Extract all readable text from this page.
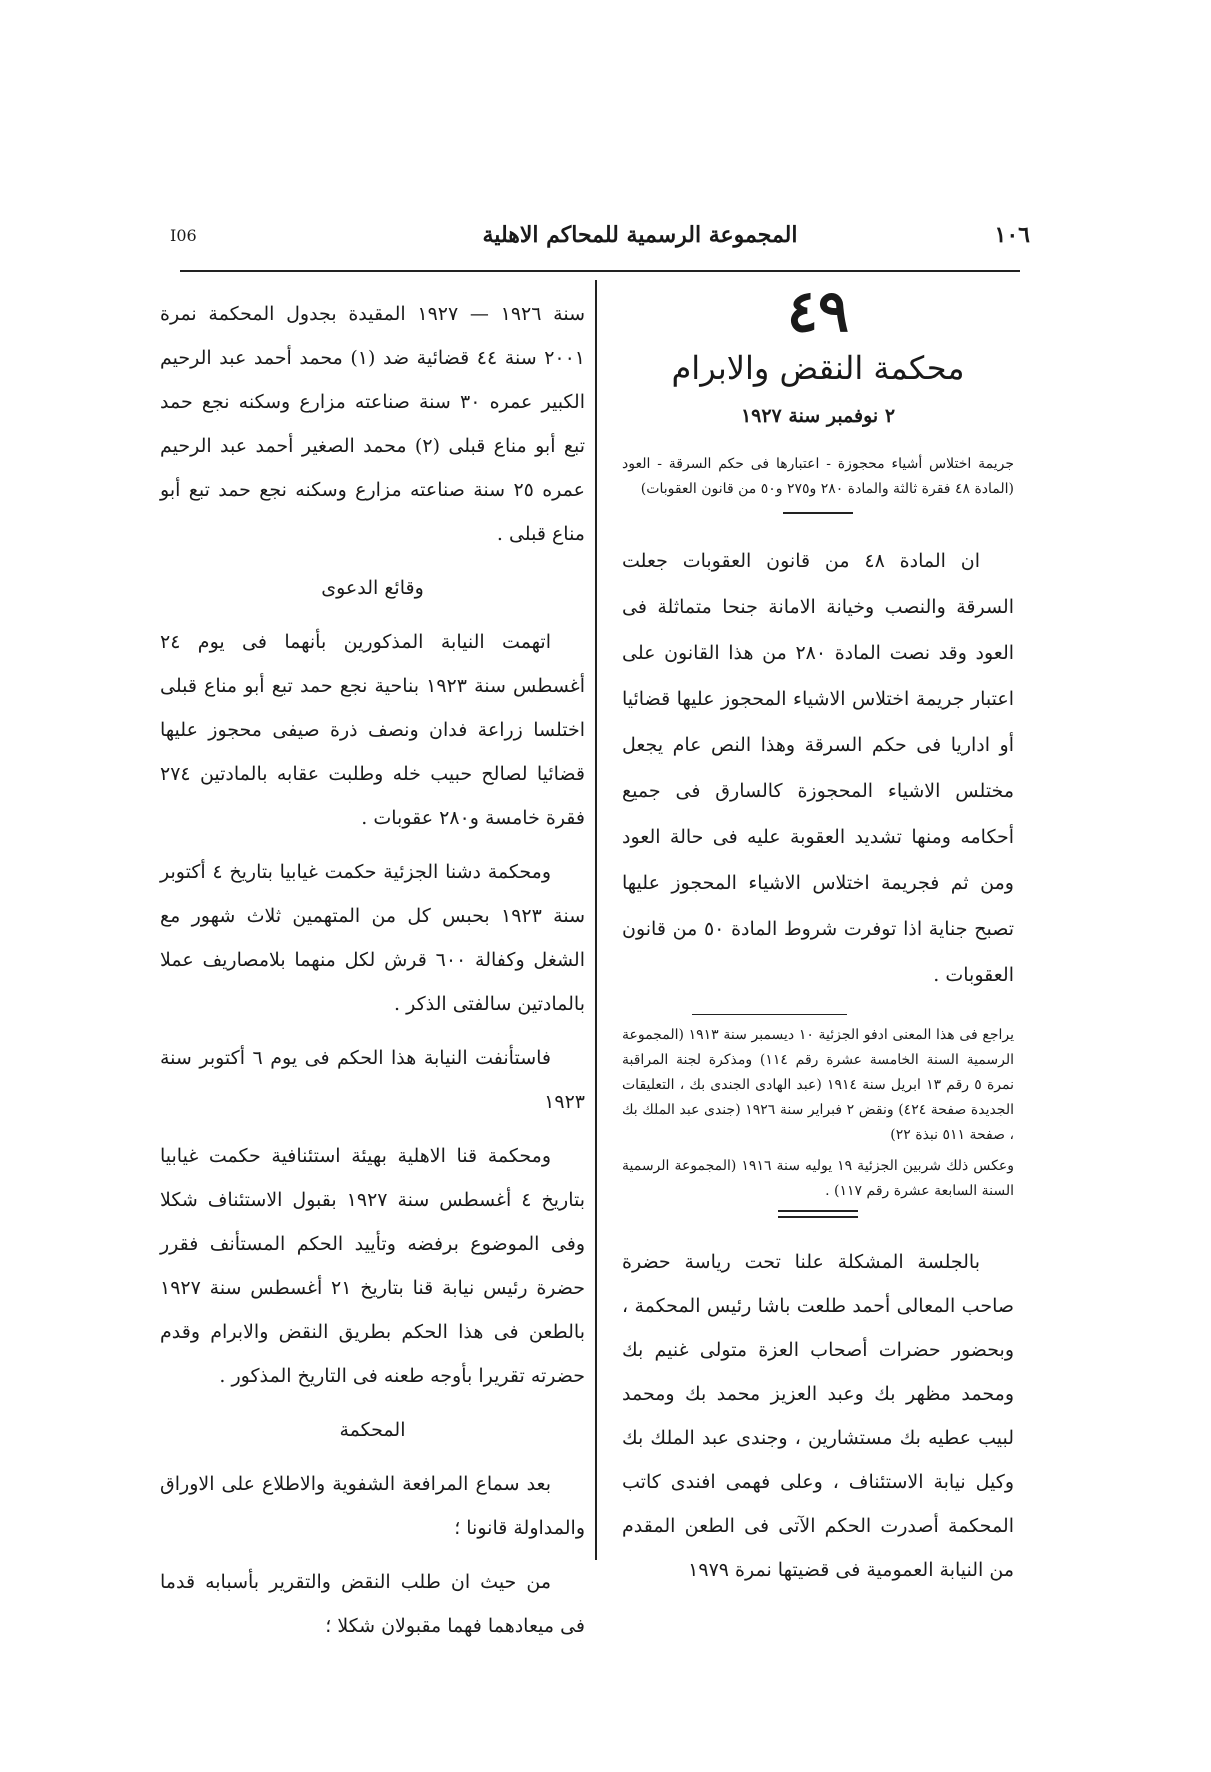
I06	المجموعة الرسمية للمحاكم الاهلية	١٠٦
٤٩
محكمة النقض والابرام
٢ نوفمبر سنة ١٩٢٧

جريمة اختلاس أشياء محجوزة - اعتبارها فى حكم السرقة - العود (المادة ٤٨ فقرة ثالثة والمادة ٢٨٠ و٢٧٥ و٥٠ من قانون العقوبات)

ان المادة ٤٨ من قانون العقوبات جعلت السرقة والنصب وخيانة الامانة جنحا متماثلة فى العود وقد نصت المادة ٢٨٠ من هذا القانون على اعتبار جريمة اختلاس الاشياء المحجوز عليها قضائيا أو اداريا فى حكم السرقة وهذا النص عام يجعل مختلس الاشياء المحجوزة كالسارق فى جميع أحكامه ومنها تشديد العقوبة عليه فى حالة العود ومن ثم فجريمة اختلاس الاشياء المحجوز عليها تصبح جناية اذا توفرت شروط المادة ٥٠ من قانون العقوبات .

يراجع فى هذا المعنى ادفو الجزئية ١٠ ديسمبر سنة ١٩١٣ (المجموعة الرسمية السنة الخامسة عشرة رقم ١١٤) ومذكرة لجنة المراقبة نمرة ٥ رقم ١٣ ابريل سنة ١٩١٤ (عبد الهادى الجندى بك ، التعليقات الجديدة صفحة ٤٢٤) ونقض ٢ فبراير سنة ١٩٢٦ (جندى عبد الملك بك ، صفحة ٥١١ نبذة ٢٢)

وعكس ذلك شربين الجزئية ١٩ يوليه سنة ١٩١٦ (المجموعة الرسمية السنة السابعة عشرة رقم ١١٧) .

بالجلسة المشكلة علنا تحت رياسة حضرة صاحب المعالى أحمد طلعت باشا رئيس المحكمة ، وبحضور حضرات أصحاب العزة متولى غنيم بك ومحمد مظهر بك وعبد العزيز محمد بك ومحمد لبيب عطيه بك مستشارين ، وجندى عبد الملك بك وكيل نيابة الاستئناف ، وعلى فهمى افندى كاتب المحكمة أصدرت الحكم الآتى فى الطعن المقدم من النيابة العمومية فى قضيتها نمرة ١٩٧٩

سنة ١٩٢٦ — ١٩٢٧ المقيدة بجدول المحكمة نمرة ٢٠٠١ سنة ٤٤ قضائية ضد (١) محمد أحمد عبد الرحيم الكبير عمره ٣٠ سنة صناعته مزارع وسكنه نجع حمد تبع أبو مناع قبلى (٢) محمد الصغير أحمد عبد الرحيم عمره ٢٥ سنة صناعته مزارع وسكنه نجع حمد تبع أبو مناع قبلى .

وقائع الدعوى

اتهمت النيابة المذكورين بأنهما فى يوم ٢٤ أغسطس سنة ١٩٢٣ بناحية نجع حمد تبع أبو مناع قبلى اختلسا زراعة فدان ونصف ذرة صيفى محجوز عليها قضائيا لصالح حبيب خله وطلبت عقابه بالمادتين ٢٧٤ فقرة خامسة و٢٨٠ عقوبات .

ومحكمة دشنا الجزئية حكمت غيابيا بتاريخ ٤ أكتوبر سنة ١٩٢٣ بحبس كل من المتهمين ثلاث شهور مع الشغل وكفالة ٦٠٠ قرش لكل منهما بلامصاريف عملا بالمادتين سالفتى الذكر .

فاستأنفت النيابة هذا الحكم فى يوم ٦ أكتوبر سنة ١٩٢٣

ومحكمة قنا الاهلية بهيئة استئنافية حكمت غيابيا بتاريخ ٤ أغسطس سنة ١٩٢٧ بقبول الاستئناف شكلا وفى الموضوع برفضه وتأييد الحكم المستأنف فقرر حضرة رئيس نيابة قنا بتاريخ ٢١ أغسطس سنة ١٩٢٧ بالطعن فى هذا الحكم بطريق النقض والابرام وقدم حضرته تقريرا بأوجه طعنه فى التاريخ المذكور .

المحكمة

بعد سماع المرافعة الشفوية والاطلاع على الاوراق والمداولة قانونا ؛

من حيث ان طلب النقض والتقرير بأسبابه قدما فى ميعادهما فهما مقبولان شكلا ؛
